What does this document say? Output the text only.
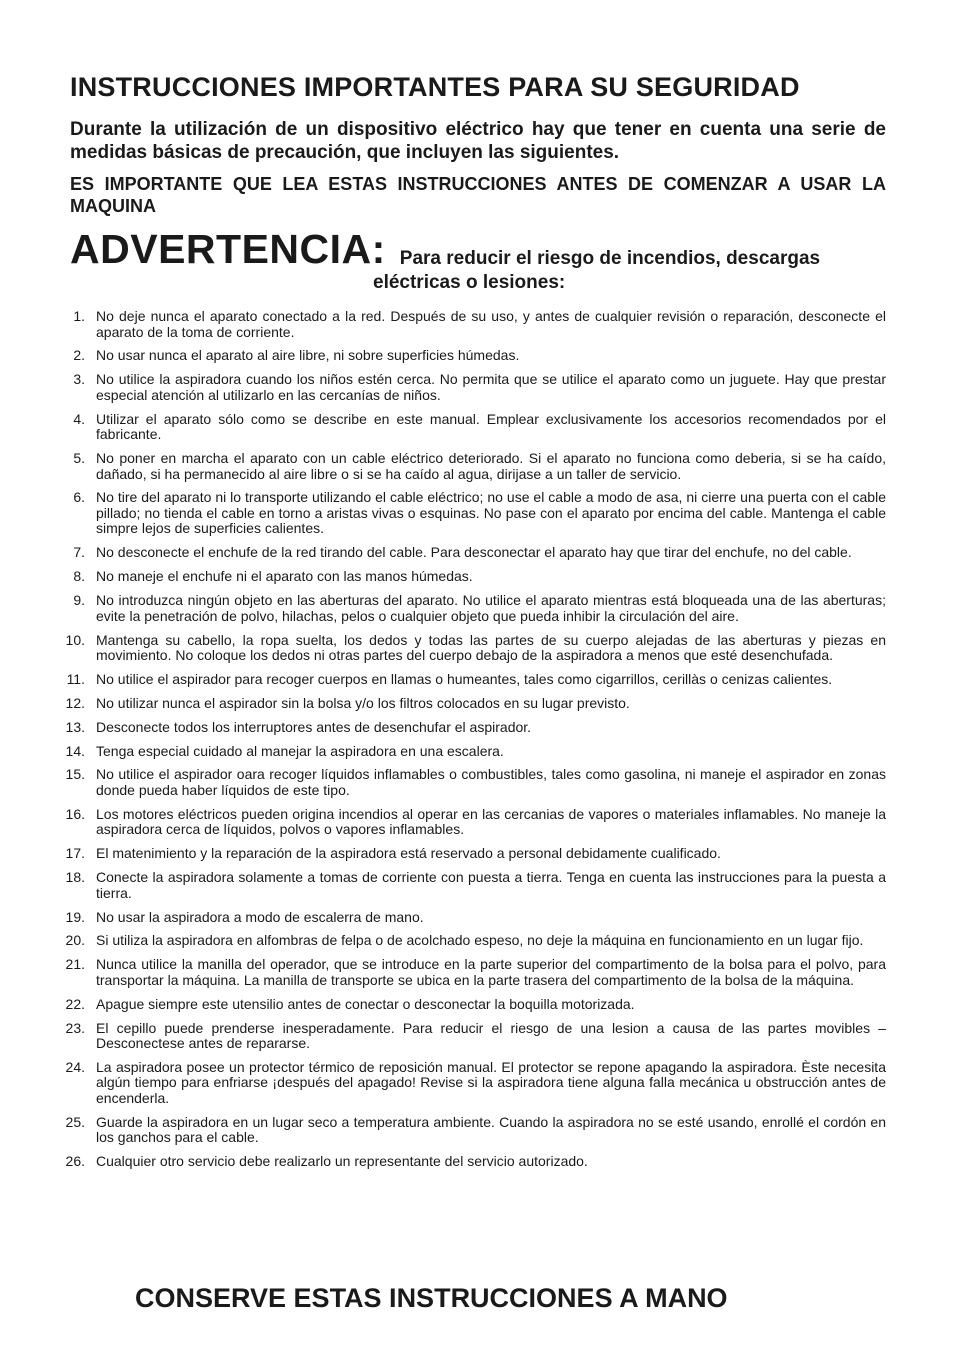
INSTRUCCIONES IMPORTANTES PARA SU SEGURIDAD

Durante la utilización de un dispositivo eléctrico hay que tener en cuenta una serie de medidas básicas de precaución, que incluyen las siguientes.

ES IMPORTANTE QUE LEA ESTAS INSTRUCCIONES ANTES DE COMENZAR A USAR LA MAQUINA

ADVERTENCIA: Para reducir el riesgo de incendios, descargas
eléctricas o lesiones:
1. No deje nunca el aparato conectado a la red. Después de su uso, y antes de cualquier revisión o reparación, desconecte el aparato de la toma de corriente.
2. No usar nunca el aparato al aire libre, ni sobre superficies húmedas.
3. No utilice la aspiradora cuando los niños estén cerca. No permita que se utilice el aparato como un juguete. Hay que prestar especial atención al utilizarlo en las cercanías de niños.
4. Utilizar el aparato sólo como se describe en este manual. Emplear exclusivamente los accesorios recomendados por el fabricante.
5. No poner en marcha el aparato con un cable eléctrico deteriorado. Si el aparato no funciona como deberia, si se ha caído, dañado, si ha permanecido al aire libre o si se ha caído al agua, dirijase a un taller de servicio.
6. No tire del aparato ni lo transporte utilizando el cable eléctrico; no use el cable a modo de asa, ni cierre una puerta con el cable pillado; no tienda el cable en torno a aristas vivas o esquinas. No pase con el aparato por encima del cable. Mantenga el cable simpre lejos de superficies calientes.
7. No desconecte el enchufe de la red tirando del cable. Para desconectar el aparato hay que tirar del enchufe, no del cable.
8. No maneje el enchufe ni el aparato con las manos húmedas.
9. No introduzca ningún objeto en las aberturas del aparato. No utilice el aparato mientras está bloqueada una de las aberturas; evite la penetración de polvo, hilachas, pelos o cualquier objeto que pueda inhibir la circulación del aire.
10. Mantenga su cabello, la ropa suelta, los dedos y todas las partes de su cuerpo alejadas de las aberturas y piezas en movimiento. No coloque los dedos ni otras partes del cuerpo debajo de la aspiradora a menos que esté desenchufada.
11. No utilice el aspirador para recoger cuerpos en llamas o humeantes, tales como cigarrillos, cerillàs o cenizas calientes.
12. No utilizar nunca el aspirador sin la bolsa y/o los filtros colocados en su lugar previsto.
13. Desconecte todos los interruptores antes de desenchufar el aspirador.
14. Tenga especial cuidado al manejar la aspiradora en una escalera.
15. No utilice el aspirador oara recoger líquidos inflamables o combustibles, tales como gasolina, ni maneje el aspirador en zonas donde pueda haber líquidos de este tipo.
16. Los motores eléctricos pueden origina incendios al operar en las cercanias de vapores o materiales inflamables. No maneje la aspiradora cerca de líquidos, polvos o vapores inflamables.
17. El matenimiento y la reparación de la aspiradora está reservado a personal debidamente cualificado.
18. Conecte la aspiradora solamente a tomas de corriente con puesta a tierra. Tenga en cuenta las instrucciones para la puesta a tierra.
19. No usar la aspiradora a modo de escalerra de mano.
20. Si utiliza la aspiradora en alfombras de felpa o de acolchado espeso, no deje la máquina en funcionamiento en un lugar fijo.
21. Nunca utilice la manilla del operador, que se introduce en la parte superior del compartimento de la bolsa para el polvo, para transportar la máquina. La manilla de transporte se ubica en la parte trasera del compartimento de la bolsa de la máquina.
22. Apague siempre este utensilio antes de conectar o desconectar la boquilla motorizada.
23. El cepillo puede prenderse inesperadamente. Para reducir el riesgo de una lesion a causa de las partes movibles – Desconectese antes de repararse.
24. La aspiradora posee un protector térmico de reposición manual. El protector se repone apagando la aspiradora. Èste necesita algún tiempo para enfriarse ¡después del apagado! Revise si la aspiradora tiene alguna falla mecánica u obstrucción antes de encenderla.
25. Guarde la aspiradora en un lugar seco a temperatura ambiente. Cuando la aspiradora no se esté usando, enrollé el cordón en los ganchos para el cable.
26. Cualquier otro servicio debe realizarlo un representante del servicio autorizado.
CONSERVE ESTAS INSTRUCCIONES A MANO
